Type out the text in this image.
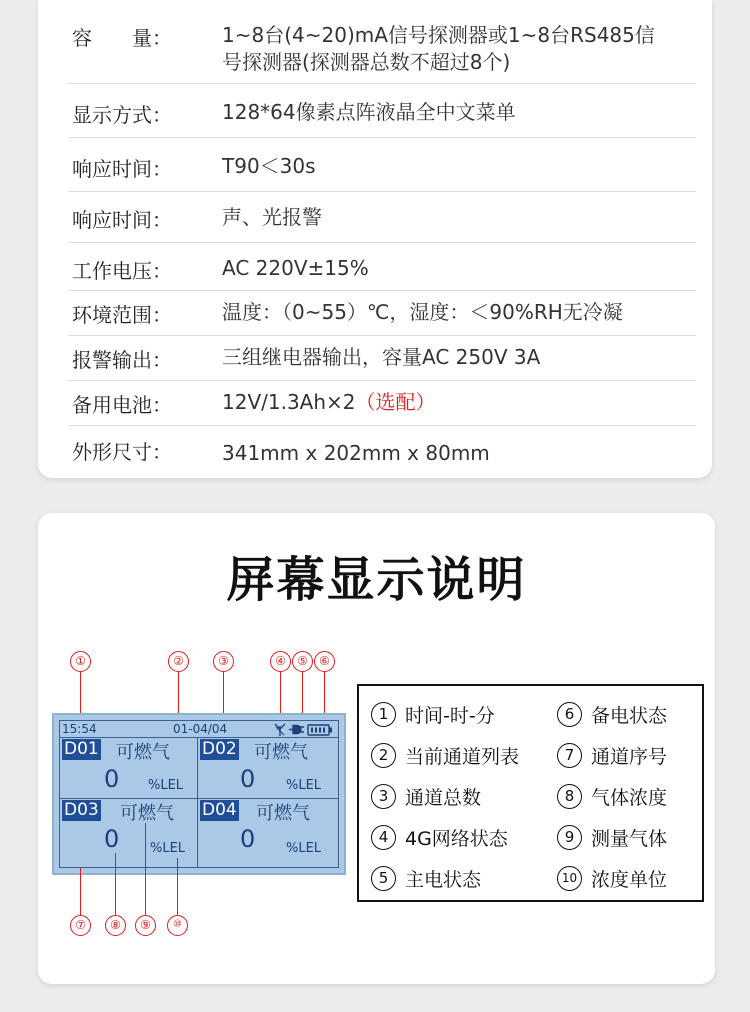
容　　量：	1~8台(4~20)mA信号探测器或1~8台RS485信号探测器(探测器总数不超过8个)
显示方式：	128*64像素点阵液晶全中文菜单
响应时间：	T90＜30s
响应时间：	声、光报警
工作电压：	AC 220V±15%
环境范围：	温度：（0~55）℃，湿度：＜90%RH无冷凝
报警输出：	三组继电器输出，容量AC 250V 3A
备用电池：	12V/1.3Ah×2（选配）
外形尺寸：	341mm x 202mm x 80mm
屏幕显示说明
①	②	③	④ ⑤ ⑥
15:54	01-04/04
D01 可燃气
0 %LEL
D02 可燃气
0 %LEL
D03 可燃气
0 %LEL
D04 可燃气
0 %LEL
⑦	⑧	⑨	⑩
1 时间-时-分
2 当前通道列表
3 通道总数
4 4G网络状态
5 主电状态
6 备电状态
7 通道序号
8 气体浓度
9 测量气体
10 浓度单位
